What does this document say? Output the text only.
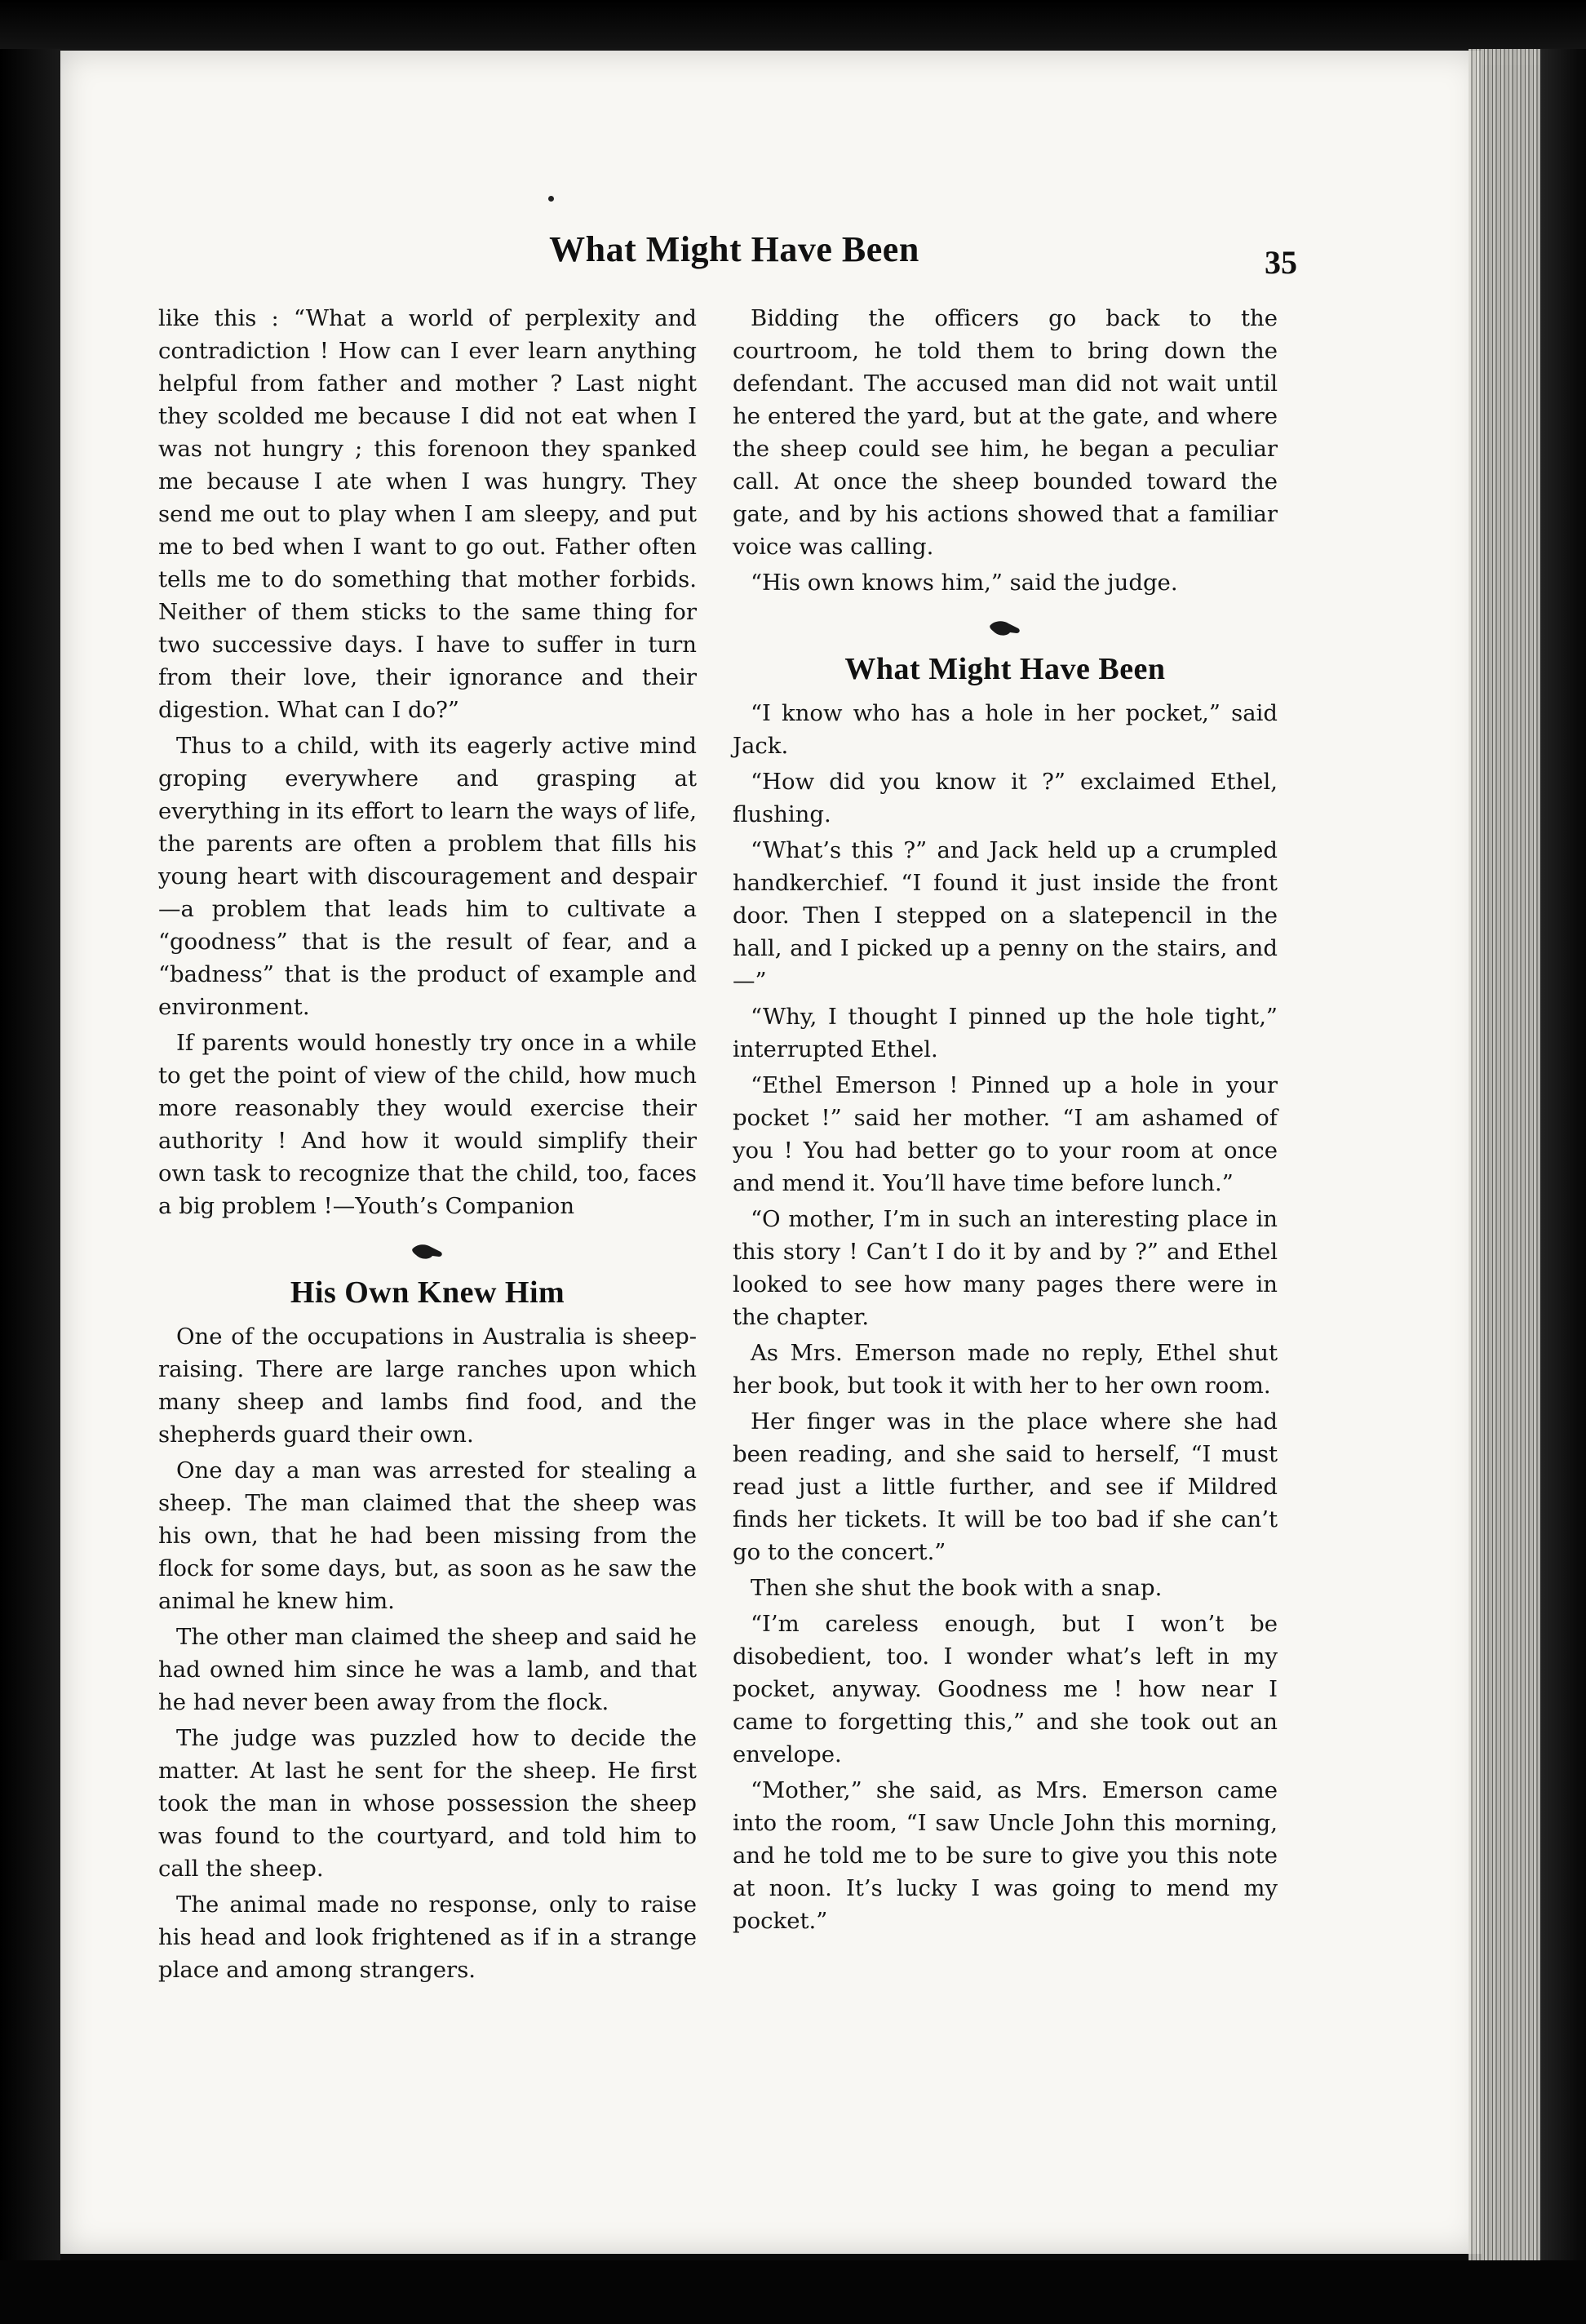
What Might Have Been	35

like this : “What a world of perplexity and contradiction ! How can I ever learn anything helpful from father and mother ? Last night they scolded me because I did not eat when I was not hungry ; this forenoon they spanked me because I ate when I was hungry. They send me out to play when I am sleepy, and put me to bed when I want to go out. Father often tells me to do something that mother forbids. Neither of them sticks to the same thing for two successive days. I have to suffer in turn from their love, their ignorance and their digestion. What can I do?”

Thus to a child, with its eagerly active mind groping everywhere and grasping at everything in its effort to learn the ways of life, the parents are often a problem that fills his young heart with discouragement and despair—a problem that leads him to cultivate a “goodness” that is the result of fear, and a “badness” that is the product of example and environment.

If parents would honestly try once in a while to get the point of view of the child, how much more reasonably they would exercise their authority ! And how it would simplify their own task to recognize that the child, too, faces a big problem !—Youth’s Companion

His Own Knew Him

One of the occupations in Australia is sheep-raising. There are large ranches upon which many sheep and lambs find food, and the shepherds guard their own.

One day a man was arrested for stealing a sheep. The man claimed that the sheep was his own, that he had been missing from the flock for some days, but, as soon as he saw the animal he knew him.

The other man claimed the sheep and said he had owned him since he was a lamb, and that he had never been away from the flock.

The judge was puzzled how to decide the matter. At last he sent for the sheep. He first took the man in whose possession the sheep was found to the courtyard, and told him to call the sheep.

The animal made no response, only to raise his head and look frightened as if in a strange place and among strangers.

Bidding the officers go back to the courtroom, he told them to bring down the defendant. The accused man did not wait until he entered the yard, but at the gate, and where the sheep could see him, he began a peculiar call. At once the sheep bounded toward the gate, and by his actions showed that a familiar voice was calling.

“His own knows him,” said the judge.

What Might Have Been

“I know who has a hole in her pocket,” said Jack.

“How did you know it ?” exclaimed Ethel, flushing.

“What’s this ?” and Jack held up a crumpled handkerchief. “I found it just inside the front door. Then I stepped on a slatepencil in the hall, and I picked up a penny on the stairs, and—”

“Why, I thought I pinned up the hole tight,” interrupted Ethel.

“Ethel Emerson ! Pinned up a hole in your pocket !” said her mother. “I am ashamed of you ! You had better go to your room at once and mend it. You’ll have time before lunch.”

“O mother, I’m in such an interesting place in this story ! Can’t I do it by and by ?” and Ethel looked to see how many pages there were in the chapter.

As Mrs. Emerson made no reply, Ethel shut her book, but took it with her to her own room.

Her finger was in the place where she had been reading, and she said to herself, “I must read just a little further, and see if Mildred finds her tickets. It will be too bad if she can’t go to the concert.”

Then she shut the book with a snap.

“I’m careless enough, but I won’t be disobedient, too. I wonder what’s left in my pocket, anyway. Goodness me ! how near I came to forgetting this,” and she took out an envelope.

“Mother,” she said, as Mrs. Emerson came into the room, “I saw Uncle John this morning, and he told me to be sure to give you this note at noon. It’s lucky I was going to mend my pocket.”
